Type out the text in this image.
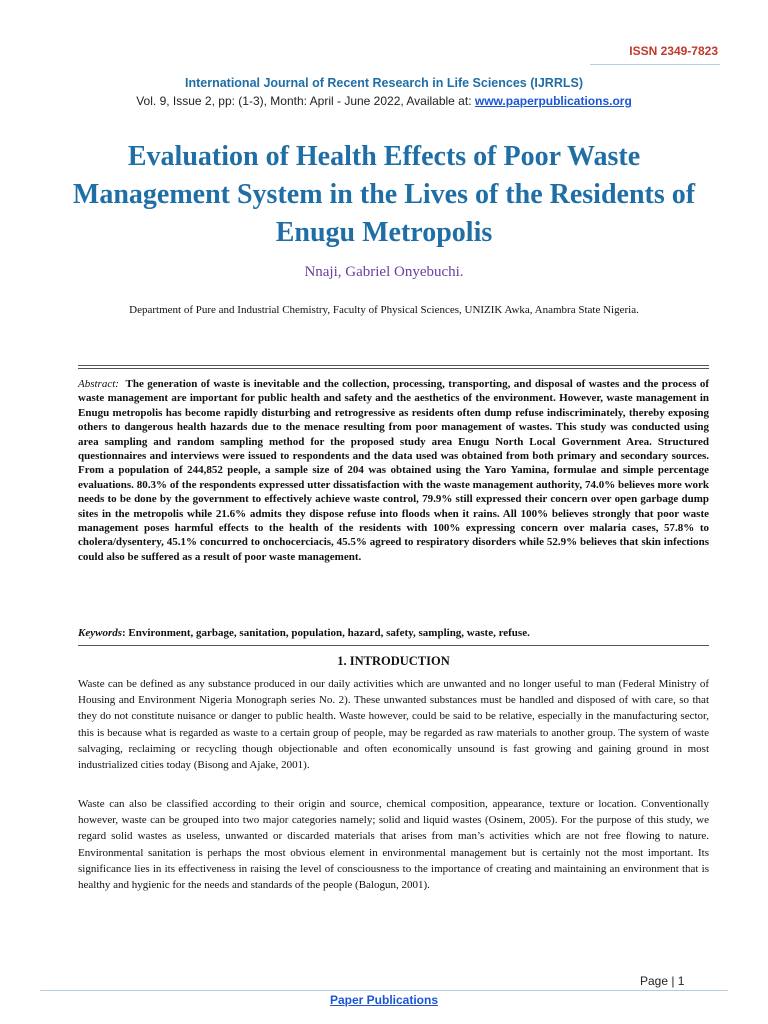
ISSN 2349-7823
International Journal of Recent Research in Life Sciences (IJRRLS)
Vol. 9, Issue 2, pp: (1-3), Month: April - June 2022, Available at: www.paperpublications.org
Evaluation of Health Effects of Poor Waste Management System in the Lives of the Residents of Enugu Metropolis
Nnaji, Gabriel Onyebuchi.
Department of Pure and Industrial Chemistry, Faculty of Physical Sciences, UNIZIK Awka, Anambra State Nigeria.
Abstract: The generation of waste is inevitable and the collection, processing, transporting, and disposal of wastes and the process of waste management are important for public health and safety and the aesthetics of the environment. However, waste management in Enugu metropolis has become rapidly disturbing and retrogressive as residents often dump refuse indiscriminately, thereby exposing others to dangerous health hazards due to the menace resulting from poor management of wastes. This study was conducted using area sampling and random sampling method for the proposed study area Enugu North Local Government Area. Structured questionnaires and interviews were issued to respondents and the data used was obtained from both primary and secondary sources. From a population of 244,852 people, a sample size of 204 was obtained using the Yaro Yamina, formulae and simple percentage evaluations. 80.3% of the respondents expressed utter dissatisfaction with the waste management authority, 74.0% believes more work needs to be done by the government to effectively achieve waste control, 79.9% still expressed their concern over open garbage dump sites in the metropolis while 21.6% admits they dispose refuse into floods when it rains. All 100% believes strongly that poor waste management poses harmful effects to the health of the residents with 100% expressing concern over malaria cases, 57.8% to cholera/dysentery, 45.1% concurred to onchocerciacis, 45.5% agreed to respiratory disorders while 52.9% believes that skin infections could also be suffered as a result of poor waste management.
Keywords: Environment, garbage, sanitation, population, hazard, safety, sampling, waste, refuse.
1. INTRODUCTION
Waste can be defined as any substance produced in our daily activities which are unwanted and no longer useful to man (Federal Ministry of Housing and Environment Nigeria Monograph series No. 2). These unwanted substances must be handled and disposed of with care, so that they do not constitute nuisance or danger to public health. Waste however, could be said to be relative, especially in the manufacturing sector, this is because what is regarded as waste to a certain group of people, may be regarded as raw materials to another group. The system of waste salvaging, reclaiming or recycling though objectionable and often economically unsound is fast growing and gaining ground in most industrialized cities today (Bisong and Ajake, 2001).
Waste can also be classified according to their origin and source, chemical composition, appearance, texture or location. Conventionally however, waste can be grouped into two major categories namely; solid and liquid wastes (Osinem, 2005). For the purpose of this study, we regard solid wastes as useless, unwanted or discarded materials that arises from man’s activities which are not free flowing to nature. Environmental sanitation is perhaps the most obvious element in environmental management but is certainly not the most important. Its significance lies in its effectiveness in raising the level of consciousness to the importance of creating and maintaining an environment that is healthy and hygienic for the needs and standards of the people (Balogun, 2001).
Page | 1
Paper Publications
